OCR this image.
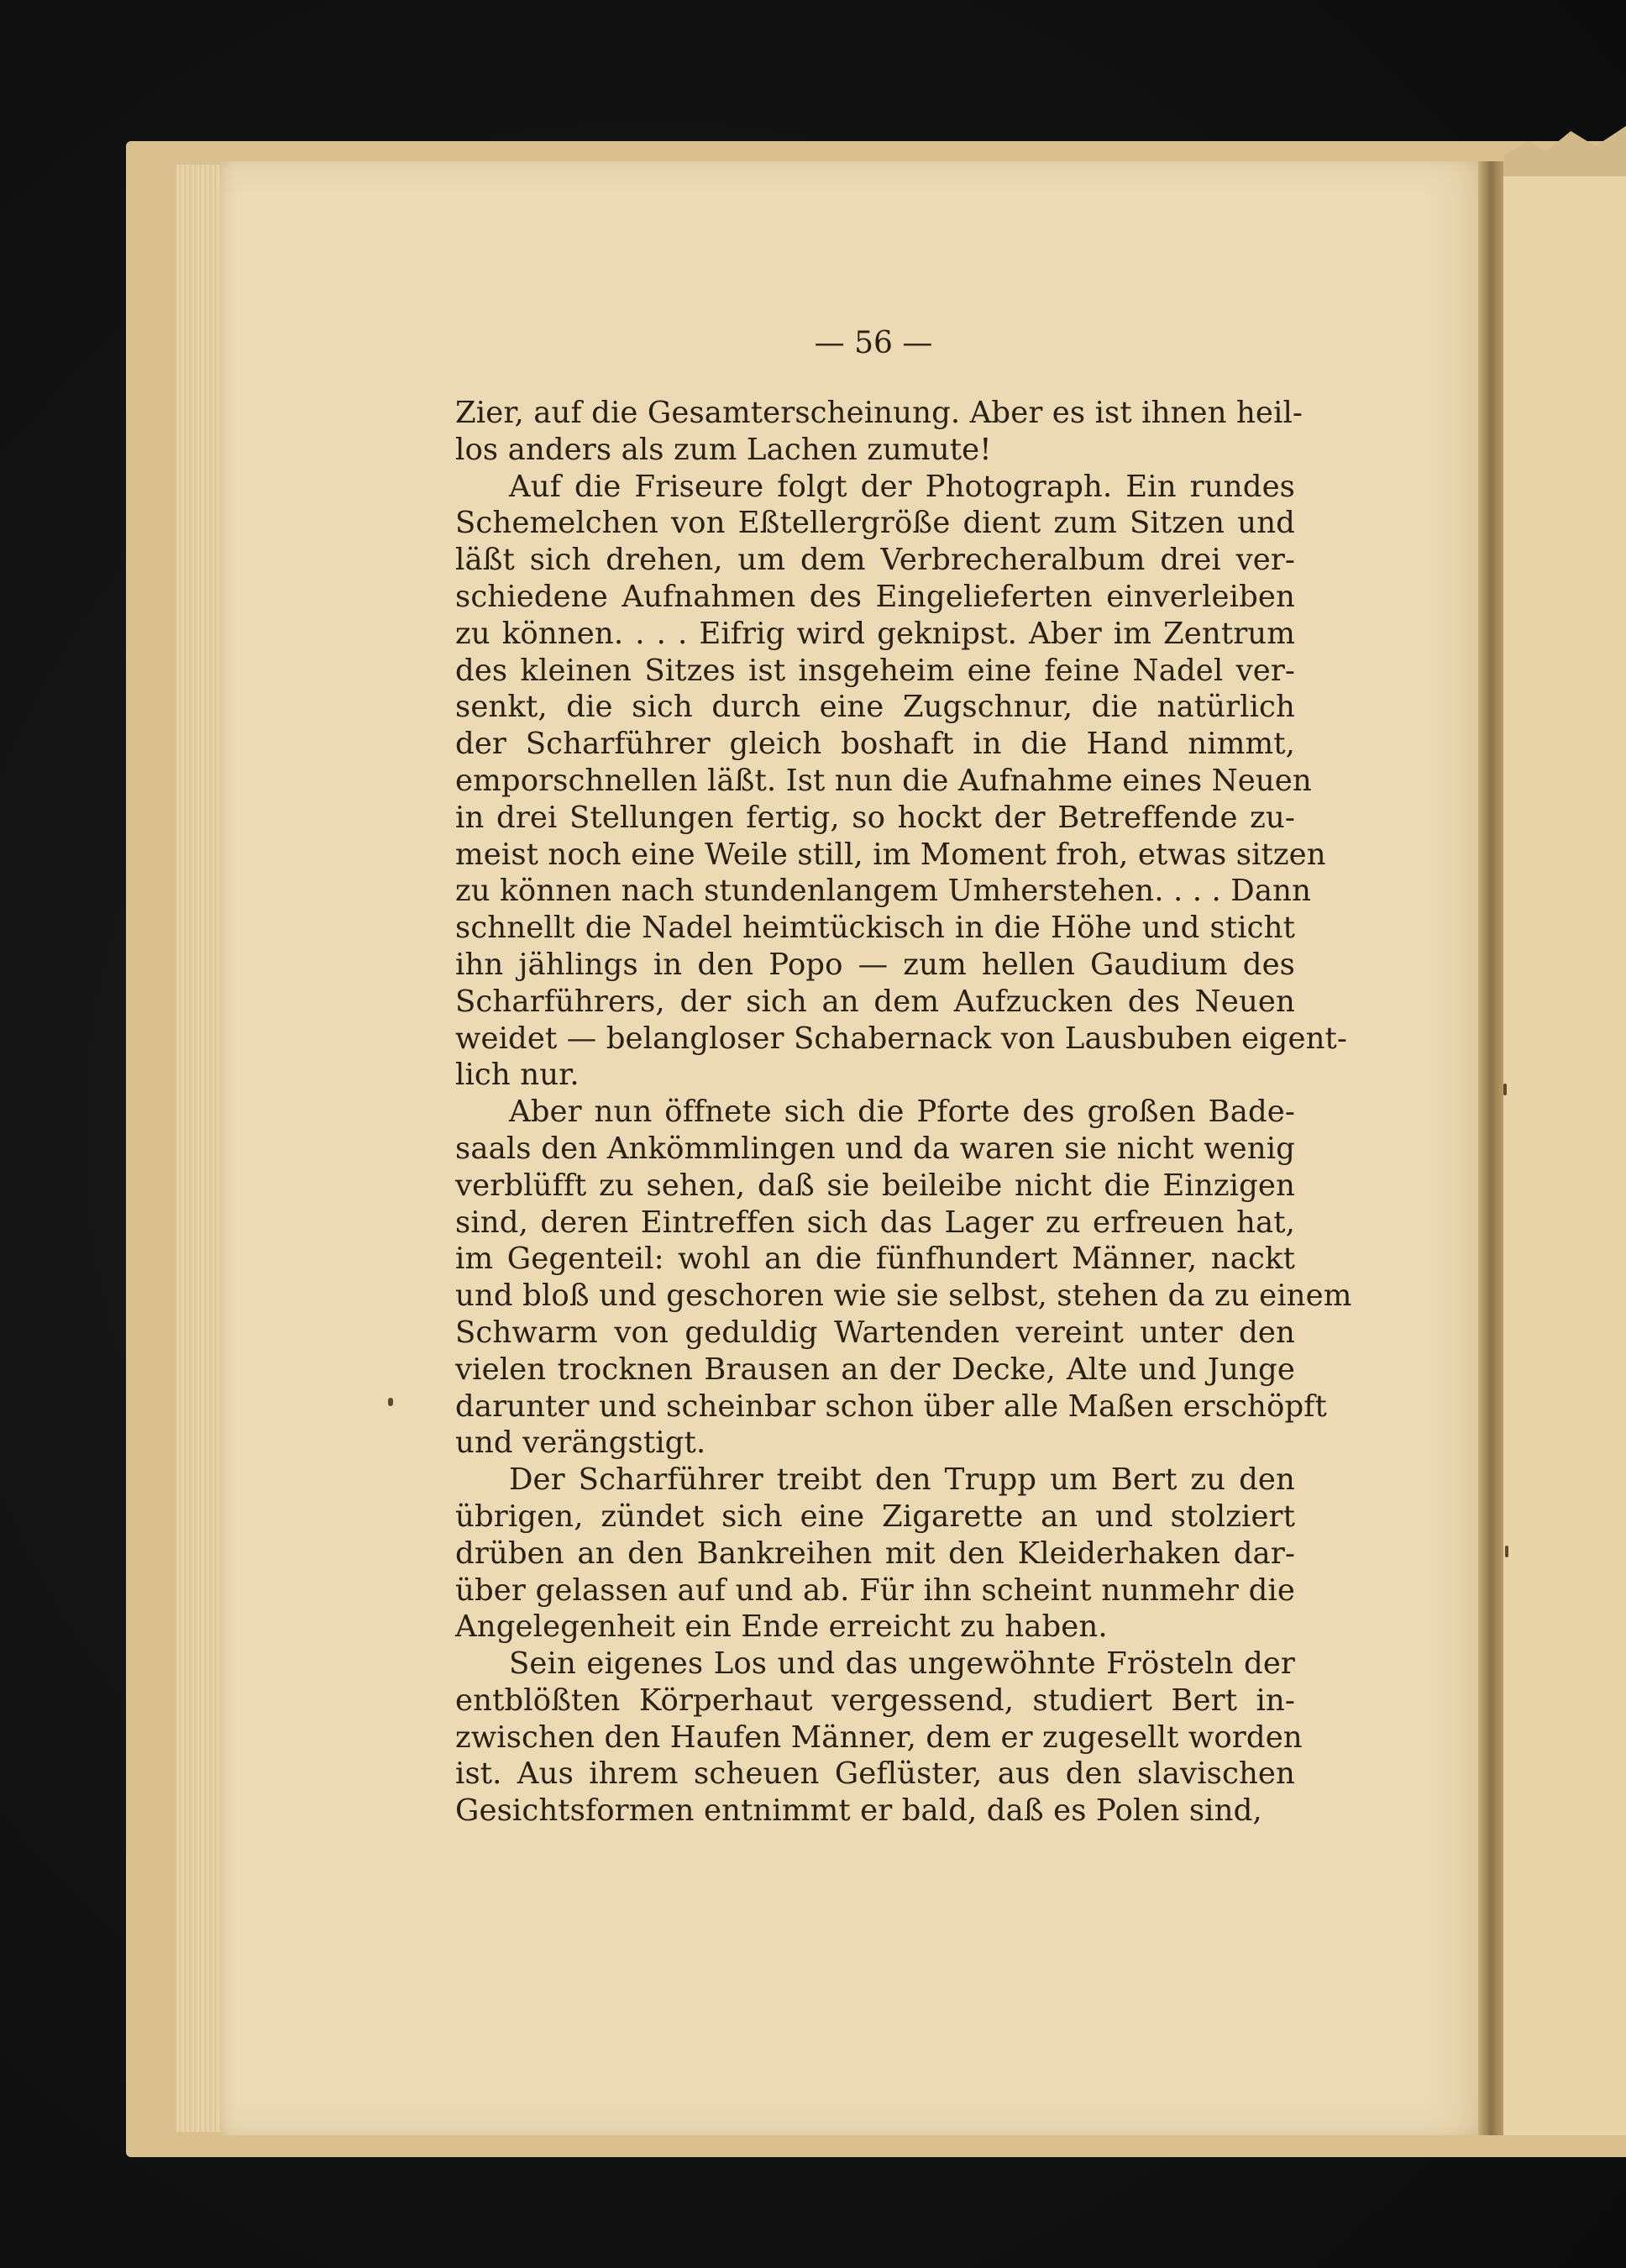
— 56 —
Zier, auf die Gesamterscheinung. Aber es ist ihnen heil-
los anders als zum Lachen zumute!
Auf die Friseure folgt der Photograph. Ein rundes
Schemelchen von Eßtellergröße dient zum Sitzen und
läßt sich drehen, um dem Verbrecheralbum drei ver-
schiedene Aufnahmen des Eingelieferten einverleiben
zu können. . . . Eifrig wird geknipst. Aber im Zentrum
des kleinen Sitzes ist insgeheim eine feine Nadel ver-
senkt, die sich durch eine Zugschnur, die natürlich
der Scharführer gleich boshaft in die Hand nimmt,
emporschnellen läßt. Ist nun die Aufnahme eines Neuen
in drei Stellungen fertig, so hockt der Betreffende zu-
meist noch eine Weile still, im Moment froh, etwas sitzen
zu können nach stundenlangem Umherstehen. . . . Dann
schnellt die Nadel heimtückisch in die Höhe und sticht
ihn jählings in den Popo — zum hellen Gaudium des
Scharführers, der sich an dem Aufzucken des Neuen
weidet — belangloser Schabernack von Lausbuben eigent-
lich nur.
Aber nun öffnete sich die Pforte des großen Bade-
saals den Ankömmlingen und da waren sie nicht wenig
verblüfft zu sehen, daß sie beileibe nicht die Einzigen
sind, deren Eintreffen sich das Lager zu erfreuen hat,
im Gegenteil: wohl an die fünfhundert Männer, nackt
und bloß und geschoren wie sie selbst, stehen da zu einem
Schwarm von geduldig Wartenden vereint unter den
vielen trocknen Brausen an der Decke, Alte und Junge
darunter und scheinbar schon über alle Maßen erschöpft
und verängstigt.
Der Scharführer treibt den Trupp um Bert zu den
übrigen, zündet sich eine Zigarette an und stolziert
drüben an den Bankreihen mit den Kleiderhaken dar-
über gelassen auf und ab. Für ihn scheint nunmehr die
Angelegenheit ein Ende erreicht zu haben.
Sein eigenes Los und das ungewöhnte Frösteln der
entblößten Körperhaut vergessend, studiert Bert in-
zwischen den Haufen Männer, dem er zugesellt worden
ist. Aus ihrem scheuen Geflüster, aus den slavischen
Gesichtsformen entnimmt er bald, daß es Polen sind,
